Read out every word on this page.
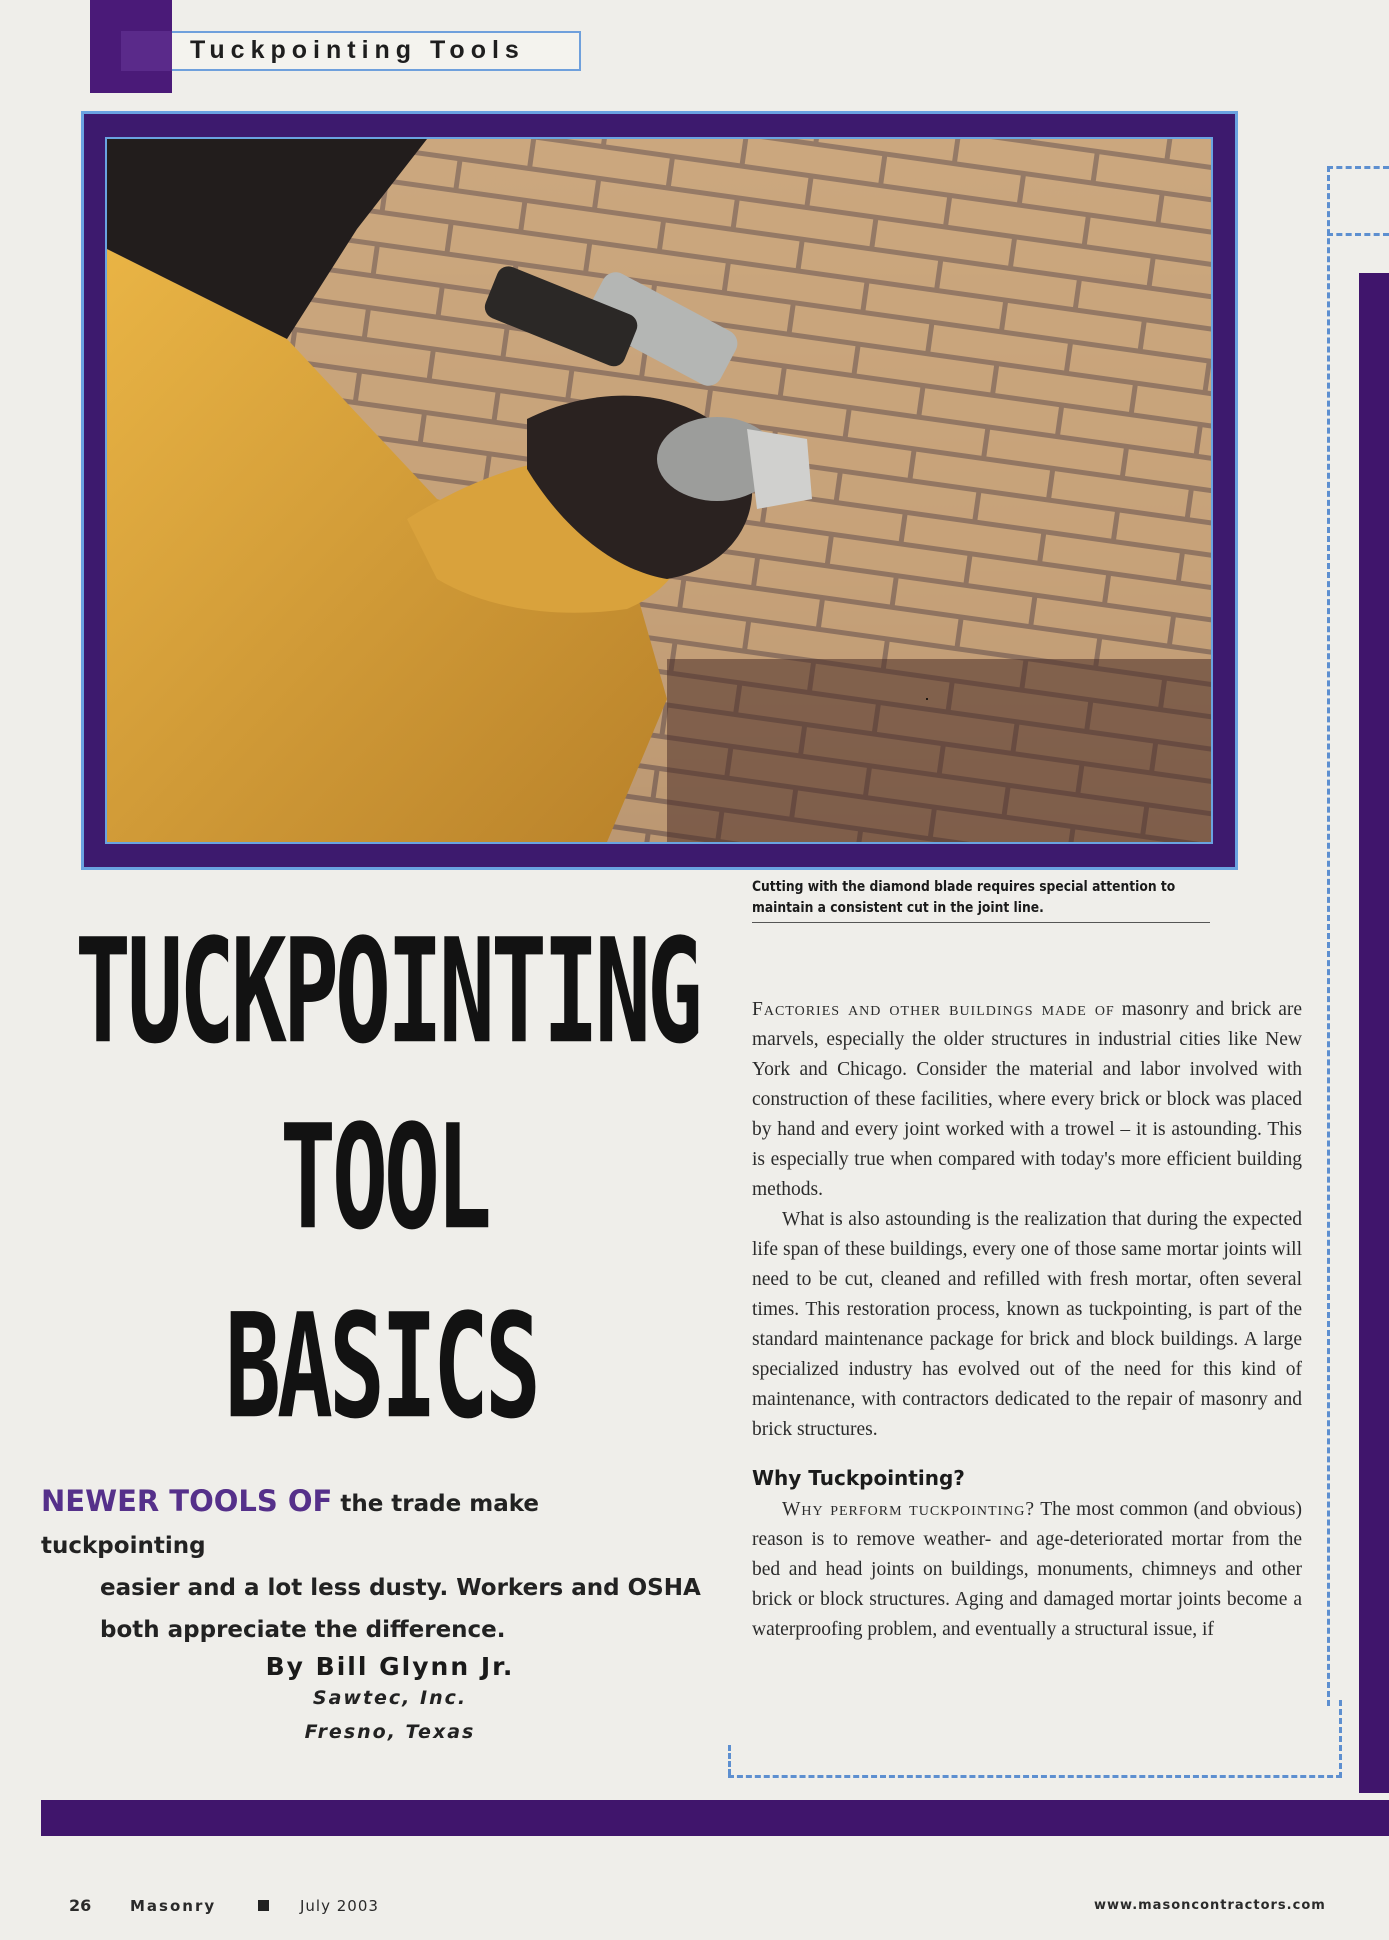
Tuckpointing Tools
Cutting with the diamond blade requires special attention to maintain a consistent cut in the joint line.
TUCKPOINTING
TOOL
BASICS
NEWER TOOLS OF the trade make tuckpointing
easier and a lot less dusty. Workers and OSHA
both appreciate the difference.
By Bill Glynn Jr.
Sawtec, Inc.
Fresno, Texas

Factories and other buildings made of masonry and brick are marvels, especially the older structures in industrial cities like New York and Chicago. Consider the material and labor involved with construction of these facilities, where every brick or block was placed by hand and every joint worked with a trowel – it is astounding. This is especially true when compared with today's more efficient building methods.

What is also astounding is the realization that during the expected life span of these buildings, every one of those same mortar joints will need to be cut, cleaned and refilled with fresh mortar, often several times. This restoration process, known as tuckpointing, is part of the standard maintenance package for brick and block buildings. A large specialized industry has evolved out of the need for this kind of maintenance, with contractors dedicated to the repair of masonry and brick structures.

Why Tuckpointing?

Why perform tuckpointing? The most common (and obvious) reason is to remove weather- and age-deteriorated mortar from the bed and head joints on buildings, monuments, chimneys and other brick or block structures. Aging and damaged mortar joints become a waterproofing problem, and eventually a structural issue, if

26	Masonry	July 2003	www.masoncontractors.com
